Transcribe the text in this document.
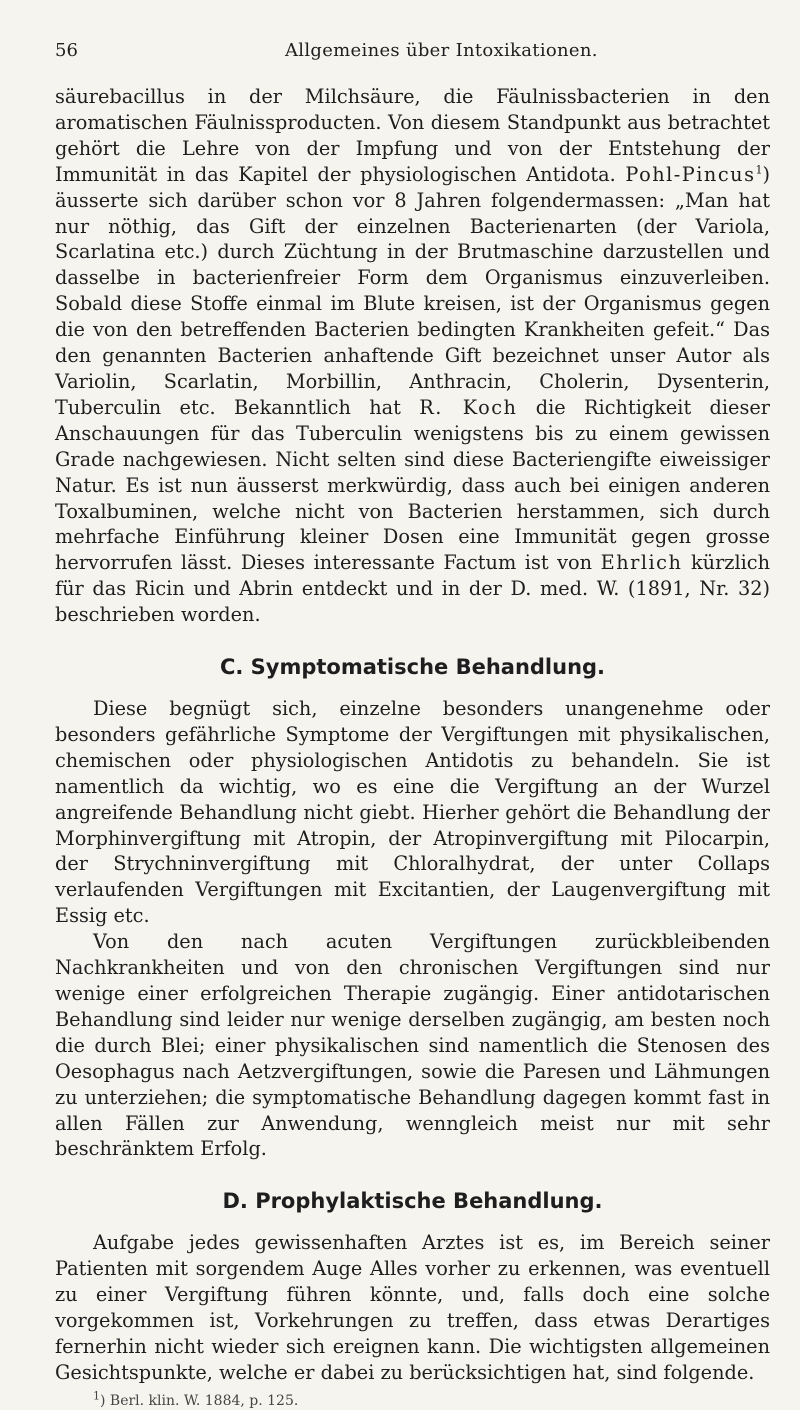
56	Allgemeines über Intoxikationen.

säurebacillus in der Milchsäure, die Fäulnissbacterien in den aromatischen Fäulnissproducten. Von diesem Standpunkt aus betrachtet gehört die Lehre von der Impfung und von der Entstehung der Immunität in das Kapitel der physiologischen Antidota. Pohl-Pincus$^1$) äusserte sich darüber schon vor 8 Jahren folgendermassen: „Man hat nur nöthig, das Gift der einzelnen Bacterienarten (der Variola, Scarlatina etc.) durch Züchtung in der Brutmaschine darzustellen und dasselbe in bacterienfreier Form dem Organismus einzuverleiben. Sobald diese Stoffe einmal im Blute kreisen, ist der Organismus gegen die von den betreffenden Bacterien bedingten Krankheiten gefeit.“ Das den genannten Bacterien anhaftende Gift bezeichnet unser Autor als Variolin, Scarlatin, Morbillin, Anthracin, Cholerin, Dysenterin, Tuberculin etc. Bekanntlich hat R. Koch die Richtigkeit dieser Anschauungen für das Tuberculin wenigstens bis zu einem gewissen Grade nachgewiesen. Nicht selten sind diese Bacteriengifte eiweissiger Natur. Es ist nun äusserst merkwürdig, dass auch bei einigen anderen Toxalbuminen, welche nicht von Bacterien herstammen, sich durch mehrfache Einführung kleiner Dosen eine Immunität gegen grosse hervorrufen lässt. Dieses interessante Factum ist von Ehrlich kürzlich für das Ricin und Abrin entdeckt und in der D. med. W. (1891, Nr. 32) beschrieben worden.

C. Symptomatische Behandlung.

Diese begnügt sich, einzelne besonders unangenehme oder besonders gefährliche Symptome der Vergiftungen mit physikalischen, chemischen oder physiologischen Antidotis zu behandeln. Sie ist namentlich da wichtig, wo es eine die Vergiftung an der Wurzel angreifende Behandlung nicht giebt. Hierher gehört die Behandlung der Morphinvergiftung mit Atropin, der Atropinvergiftung mit Pilocarpin, der Strychninvergiftung mit Chloralhydrat, der unter Collaps verlaufenden Vergiftungen mit Excitantien, der Laugenvergiftung mit Essig etc.

Von den nach acuten Vergiftungen zurückbleibenden Nachkrankheiten und von den chronischen Vergiftungen sind nur wenige einer erfolgreichen Therapie zugängig. Einer antidotarischen Behandlung sind leider nur wenige derselben zugängig, am besten noch die durch Blei; einer physikalischen sind namentlich die Stenosen des Oesophagus nach Aetzvergiftungen, sowie die Paresen und Lähmungen zu unterziehen; die symptomatische Behandlung dagegen kommt fast in allen Fällen zur Anwendung, wenngleich meist nur mit sehr beschränktem Erfolg.

D. Prophylaktische Behandlung.

Aufgabe jedes gewissenhaften Arztes ist es, im Bereich seiner Patienten mit sorgendem Auge Alles vorher zu erkennen, was eventuell zu einer Vergiftung führen könnte, und, falls doch eine solche vorgekommen ist, Vorkehrungen zu treffen, dass etwas Derartiges fernerhin nicht wieder sich ereignen kann. Die wichtigsten allgemeinen Gesichtspunkte, welche er dabei zu berücksichtigen hat, sind folgende.

$^1$) Berl. klin. W. 1884, p. 125.
